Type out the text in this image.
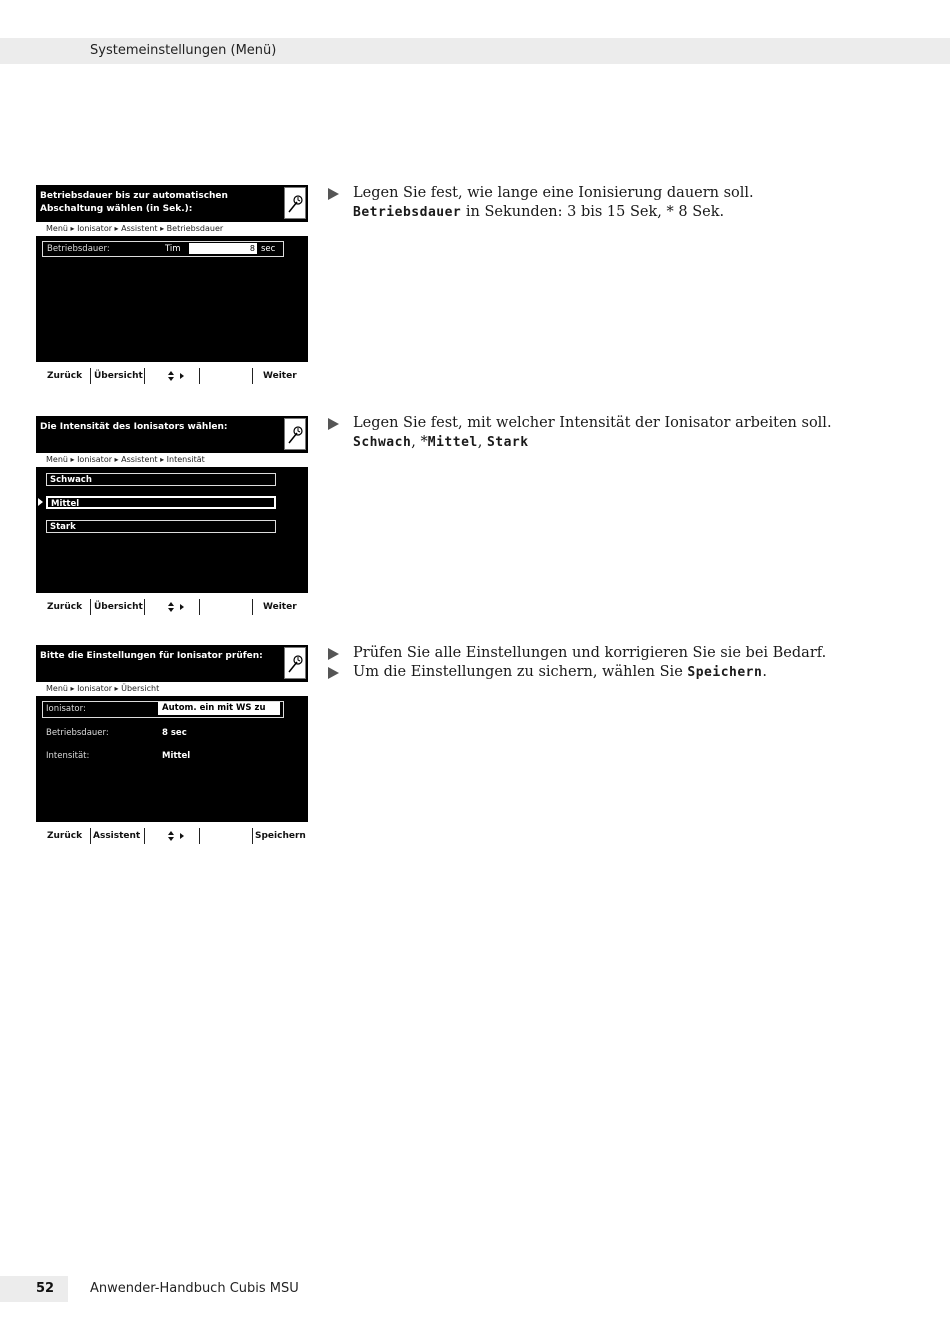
Systemeinstellungen (Menü)
Betriebsdauer bis zur automatischen
Abschaltung wählen (in Sek.):
Menü ▸ Ionisator ▸ Assistent ▸ Betriebsdauer
Betriebsdauer:	Tim	8 sec
Zurück Übersicht	Weiter
Legen Sie fest, wie lange eine Ionisierung dauern soll.
Betriebsdauer in Sekunden: 3 bis 15 Sek, * 8 Sek.
Die Intensität des Ionisators wählen:
Menü ▸ Ionisator ▸ Assistent ▸ Intensität
Schwach
Mittel
Stark
Zurück Übersicht	Weiter
Legen Sie fest, mit welcher Intensität der Ionisator arbeiten soll.
Schwach, *Mittel, Stark
Bitte die Einstellungen für Ionisator prüfen:
Menü ▸ Ionisator ▸ Übersicht
Ionisator:	Autom. ein mit WS zu
Betriebsdauer:	8 sec
Intensität:	Mittel
Zurück Assistent	Speichern
Prüfen Sie alle Einstellungen und korrigieren Sie sie bei Bedarf.
Um die Einstellungen zu sichern, wählen Sie Speichern.
52	Anwender-Handbuch Cubis MSU
